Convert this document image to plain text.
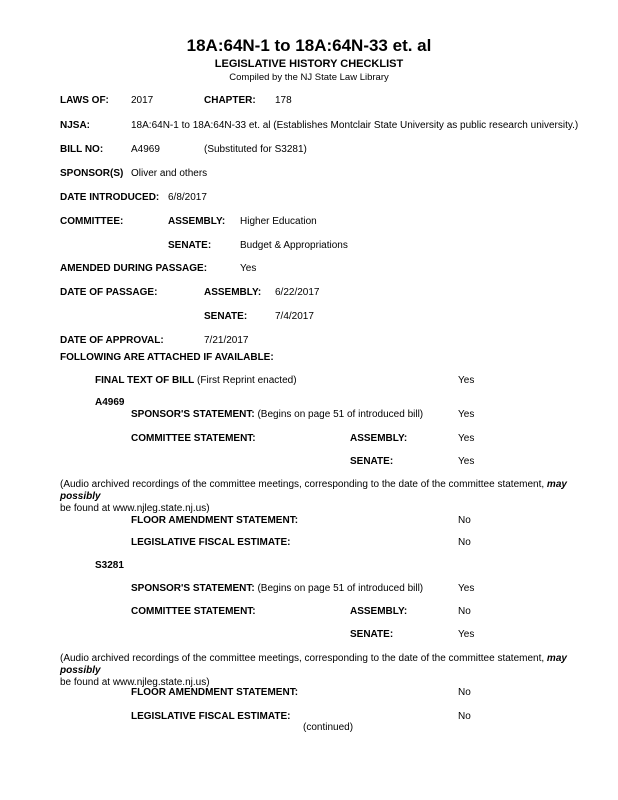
18A:64N-1 to 18A:64N-33 et. al
LEGISLATIVE HISTORY CHECKLIST
Compiled by the NJ State Law Library
LAWS OF: 2017	CHAPTER: 178
NJSA:	18A:64N-1 to 18A:64N-33 et. al (Establishes Montclair State University as public research university.)
BILL NO:	A4969	(Substituted for S3281)
SPONSOR(S) Oliver and others
DATE INTRODUCED: 6/8/2017
COMMITTEE:	ASSEMBLY: Higher Education
SENATE:	Budget & Appropriations
AMENDED DURING PASSAGE:	Yes
DATE OF PASSAGE:	ASSEMBLY: 6/22/2017
SENATE:	7/4/2017
DATE OF APPROVAL:	7/21/2017
FOLLOWING ARE ATTACHED IF AVAILABLE:
FINAL TEXT OF BILL (First Reprint enacted)	Yes
A4969
SPONSOR'S STATEMENT: (Begins on page 51 of introduced bill)	Yes
COMMITTEE STATEMENT:	ASSEMBLY:	Yes
SENATE:	Yes
(Audio archived recordings of the committee meetings, corresponding to the date of the committee statement, may possibly
be found at www.njleg.state.nj.us)
FLOOR AMENDMENT STATEMENT:	No
LEGISLATIVE FISCAL ESTIMATE:	No
S3281
SPONSOR'S STATEMENT: (Begins on page 51 of introduced bill)	Yes
COMMITTEE STATEMENT:	ASSEMBLY:	No
SENATE:	Yes
(Audio archived recordings of the committee meetings, corresponding to the date of the committee statement, may possibly
be found at www.njleg.state.nj.us)
FLOOR AMENDMENT STATEMENT:	No
LEGISLATIVE FISCAL ESTIMATE:	No
(continued)
